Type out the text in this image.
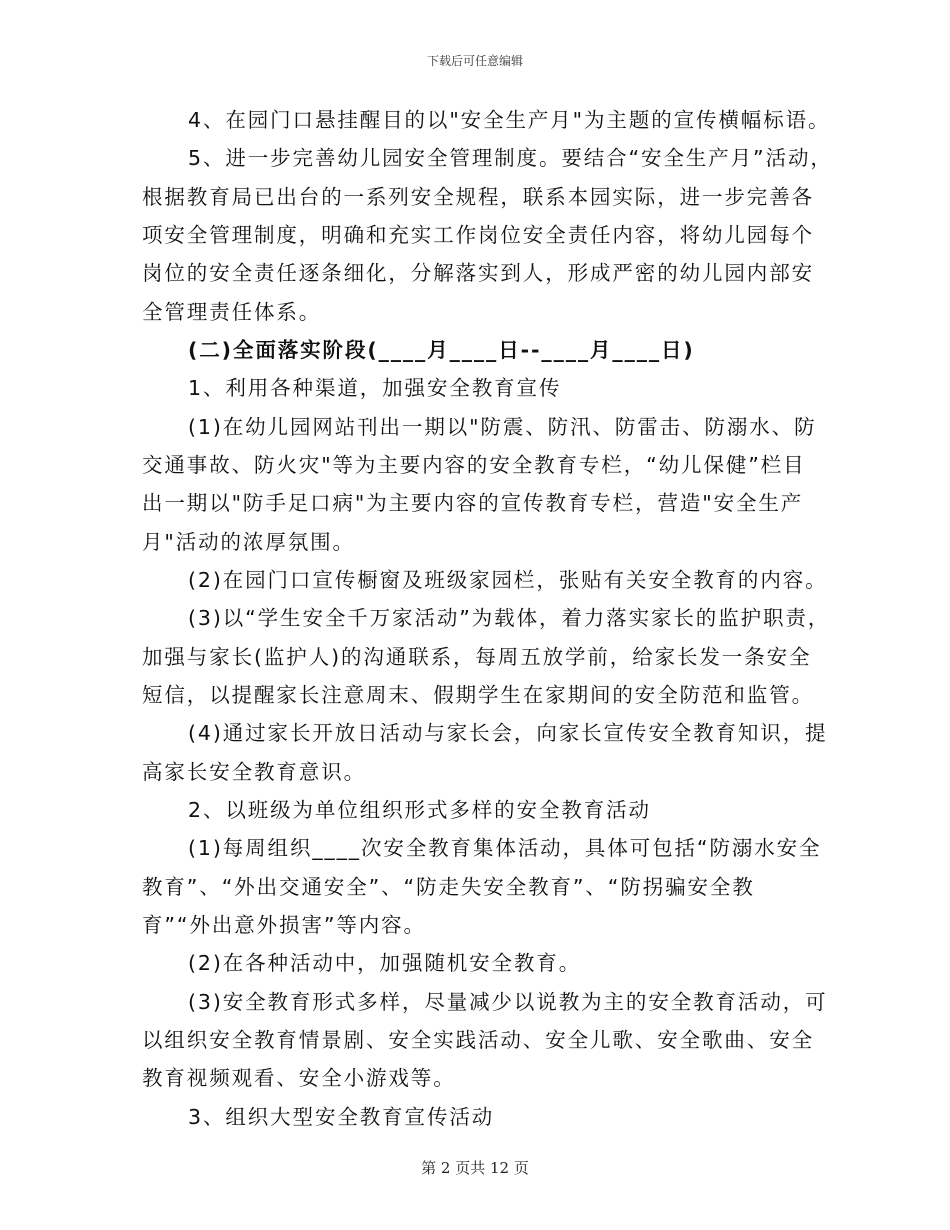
下载后可任意编辑
4、在园门口悬挂醒目的以"安全生产月"为主题的宣传横幅标语。
5、进一步完善幼儿园安全管理制度。要结合“安全生产月”活动，
根据教育局已出台的一系列安全规程，联系本园实际，进一步完善各
项安全管理制度，明确和充实工作岗位安全责任内容，将幼儿园每个
岗位的安全责任逐条细化，分解落实到人，形成严密的幼儿园内部安
全管理责任体系。
(二)全面落实阶段(____月____日--____月____日)
1、利用各种渠道，加强安全教育宣传
(1)在幼儿园网站刊出一期以"防震、防汛、防雷击、防溺水、防
交通事故、防火灾"等为主要内容的安全教育专栏，“幼儿保健”栏目
出一期以"防手足口病"为主要内容的宣传教育专栏，营造"安全生产
月"活动的浓厚氛围。
(2)在园门口宣传橱窗及班级家园栏，张贴有关安全教育的内容。
(3)以“学生安全千万家活动”为载体，着力落实家长的监护职责，
加强与家长(监护人)的沟通联系，每周五放学前，给家长发一条安全
短信，以提醒家长注意周末、假期学生在家期间的安全防范和监管。
(4)通过家长开放日活动与家长会，向家长宣传安全教育知识，提
高家长安全教育意识。
2、以班级为单位组织形式多样的安全教育活动
(1)每周组织____次安全教育集体活动，具体可包括“防溺水安全
教育”、“外出交通安全”、“防走失安全教育”、“防拐骗安全教
育”“外出意外损害”等内容。
(2)在各种活动中，加强随机安全教育。
(3)安全教育形式多样，尽量减少以说教为主的安全教育活动，可
以组织安全教育情景剧、安全实践活动、安全儿歌、安全歌曲、安全
教育视频观看、安全小游戏等。
3、组织大型安全教育宣传活动
第 2 页共 12 页
